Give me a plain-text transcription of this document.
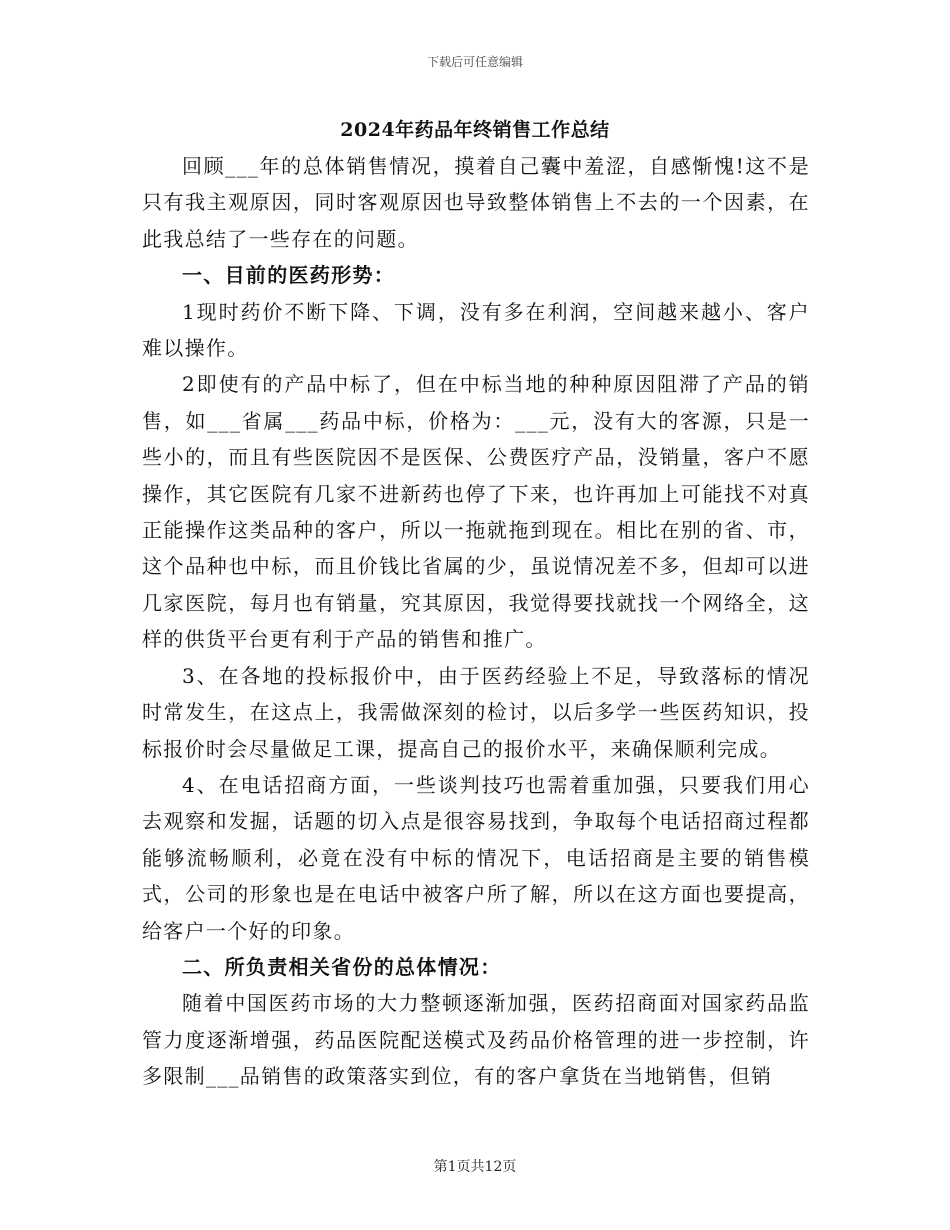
下载后可任意编辑
2024年药品年终销售工作总结

回顾___年的总体销售情况，摸着自己囊中羞涩，自感惭愧!这不是只有我主观原因，同时客观原因也导致整体销售上不去的一个因素，在此我总结了一些存在的问题。

一、目前的医药形势：

1现时药价不断下降、下调，没有多在利润，空间越来越小、客户难以操作。

2即使有的产品中标了，但在中标当地的种种原因阻滞了产品的销售，如___省属___药品中标，价格为：___元，没有大的客源，只是一些小的，而且有些医院因不是医保、公费医疗产品，没销量，客户不愿操作，其它医院有几家不进新药也停了下来，也许再加上可能找不对真正能操作这类品种的客户，所以一拖就拖到现在。相比在别的省、市，这个品种也中标，而且价钱比省属的少，虽说情况差不多，但却可以进几家医院，每月也有销量，究其原因，我觉得要找就找一个网络全，这样的供货平台更有利于产品的销售和推广。

3、在各地的投标报价中，由于医药经验上不足，导致落标的情况时常发生，在这点上，我需做深刻的检讨，以后多学一些医药知识，投标报价时会尽量做足工课，提高自己的报价水平，来确保顺利完成。

4、在电话招商方面，一些谈判技巧也需着重加强，只要我们用心去观察和发掘，话题的切入点是很容易找到，争取每个电话招商过程都能够流畅顺利，必竟在没有中标的情况下，电话招商是主要的销售模式，公司的形象也是在电话中被客户所了解，所以在这方面也要提高，给客户一个好的印象。

二、所负责相关省份的总体情况：

随着中国医药市场的大力整顿逐渐加强，医药招商面对国家药品监管力度逐渐增强，药品医院配送模式及药品价格管理的进一步控制，许多限制___品销售的政策落实到位，有的客户拿货在当地销售，但销

第1页共12页
